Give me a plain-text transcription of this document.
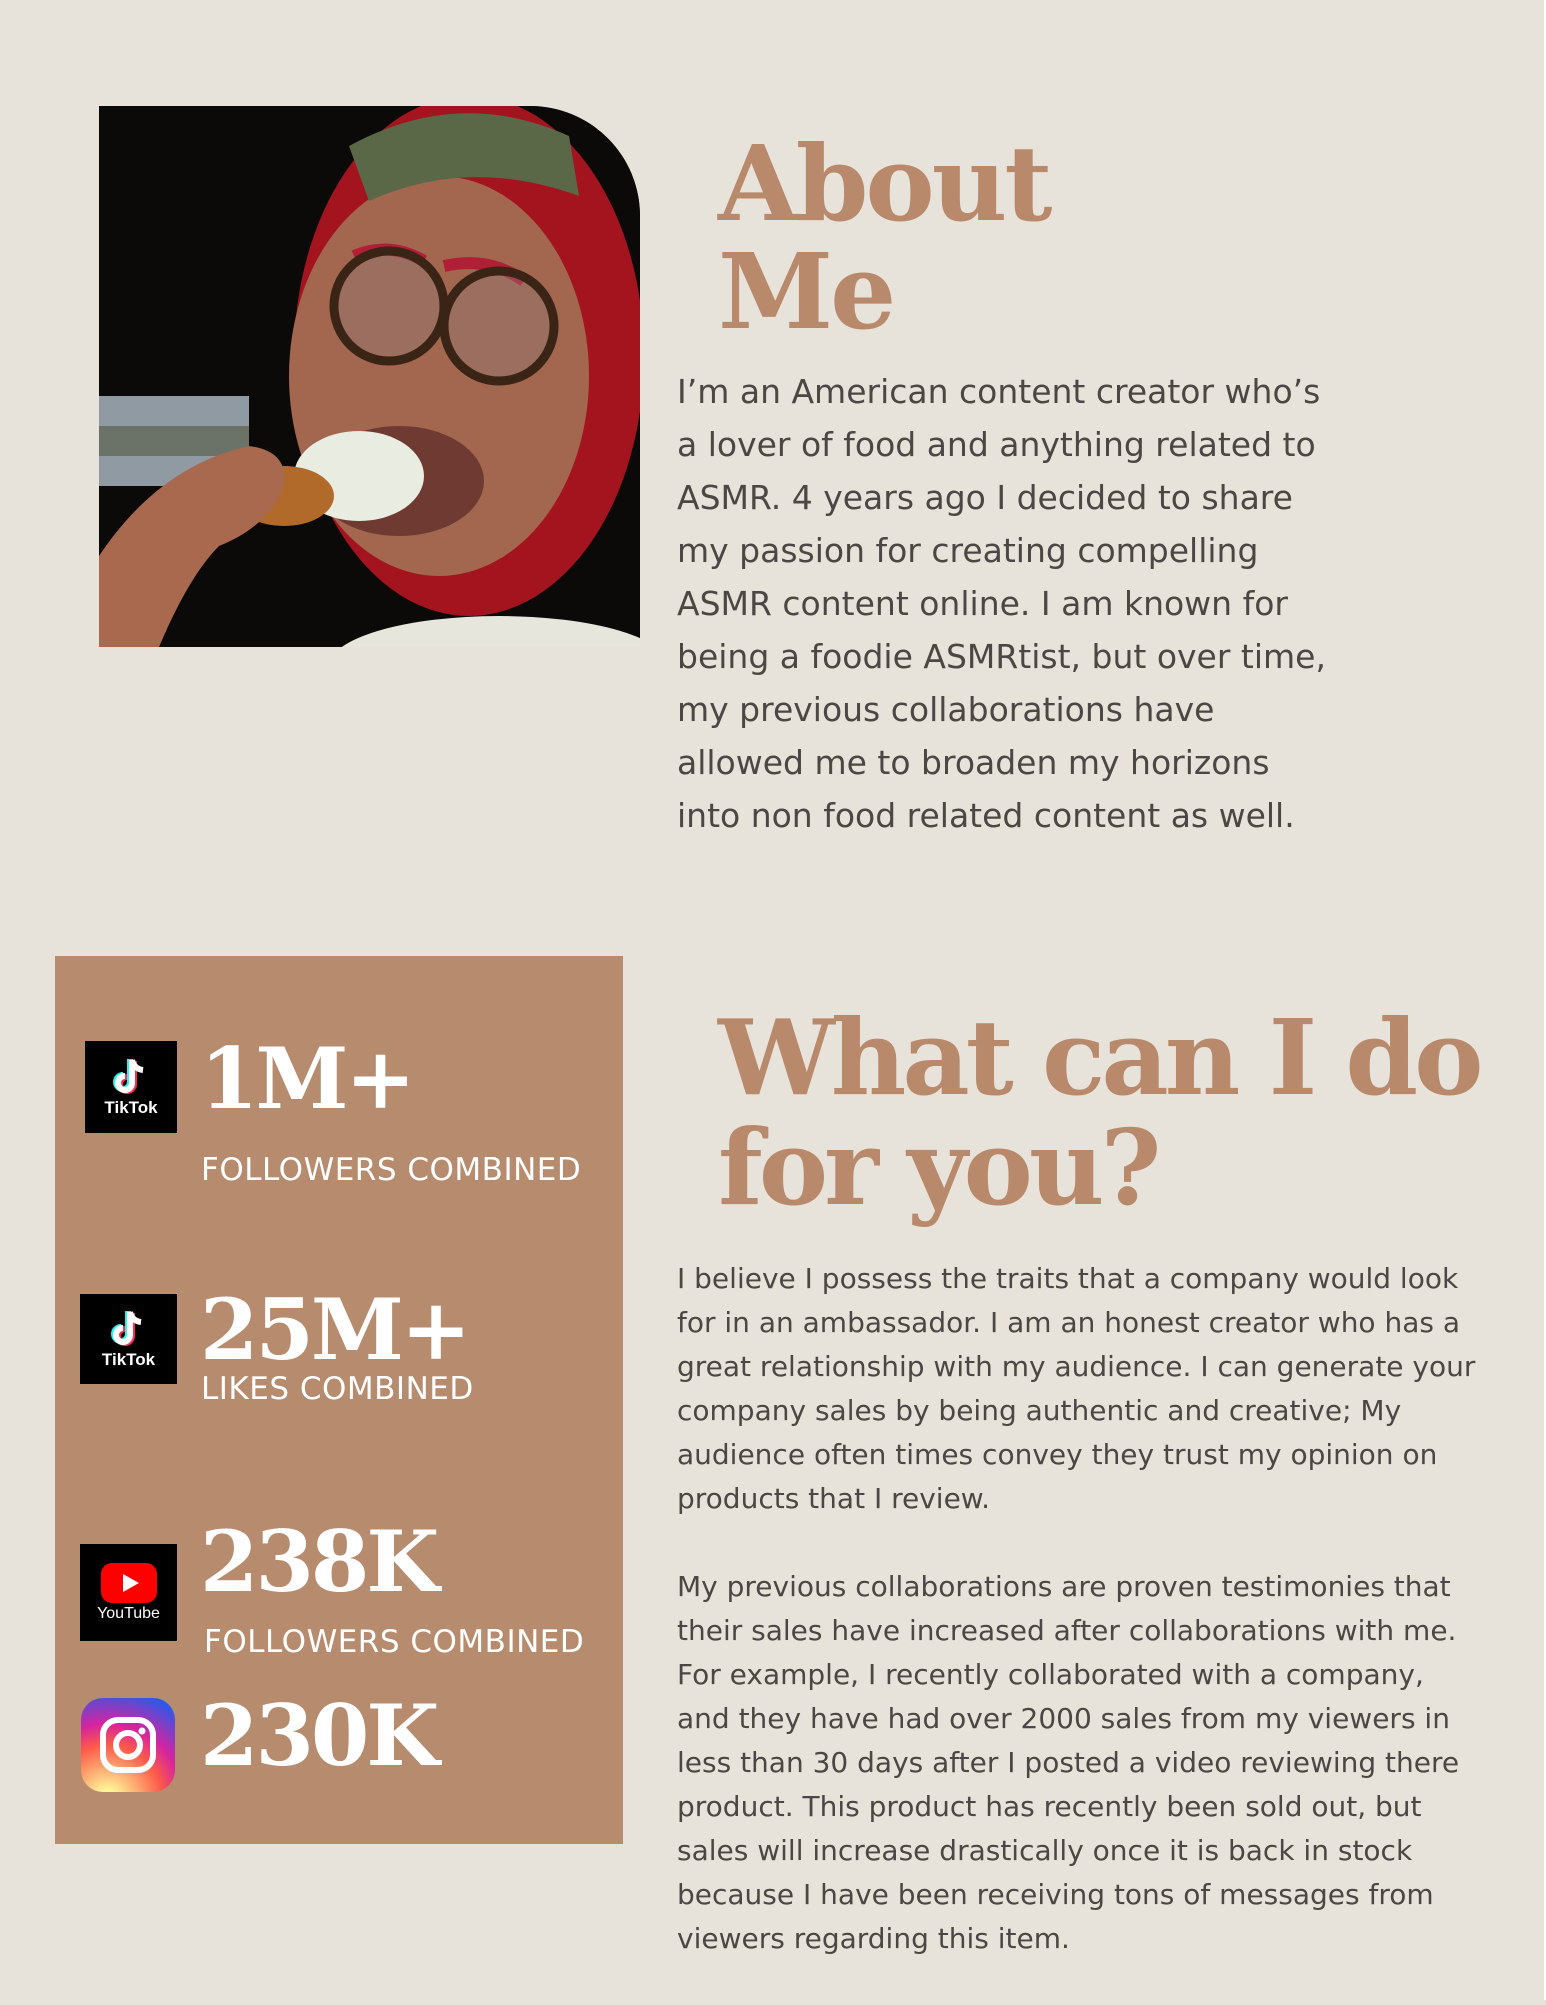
About
Me

I’m an American content creator who’s a lover of food and anything related to ASMR. 4 years ago I decided to share my passion for creating compelling ASMR content online. I am known for being a foodie ASMRtist, but over time, my previous collaborations have allowed me to broaden my horizons into non food related content as well.

TikTok 1M+
FOLLOWERS COMBINED
TikTok 25M+
LIKES COMBINED
YouTube
238K
FOLLOWERS COMBINED
230K
What can I do
for you?

I believe I possess the traits that a company would look for in an ambassador. I am an honest creator who has a great relationship with my audience. I can generate your company sales by being authentic and creative; My audience often times convey they trust my opinion on products that I review.

My previous collaborations are proven testimonies that their sales have increased after collaborations with me. For example, I recently collaborated with a company, and they have had over 2000 sales from my viewers in less than 30 days after I posted a video reviewing there product. This product has recently been sold out, but sales will increase drastically once it is back in stock because I have been receiving tons of messages from viewers regarding this item.
